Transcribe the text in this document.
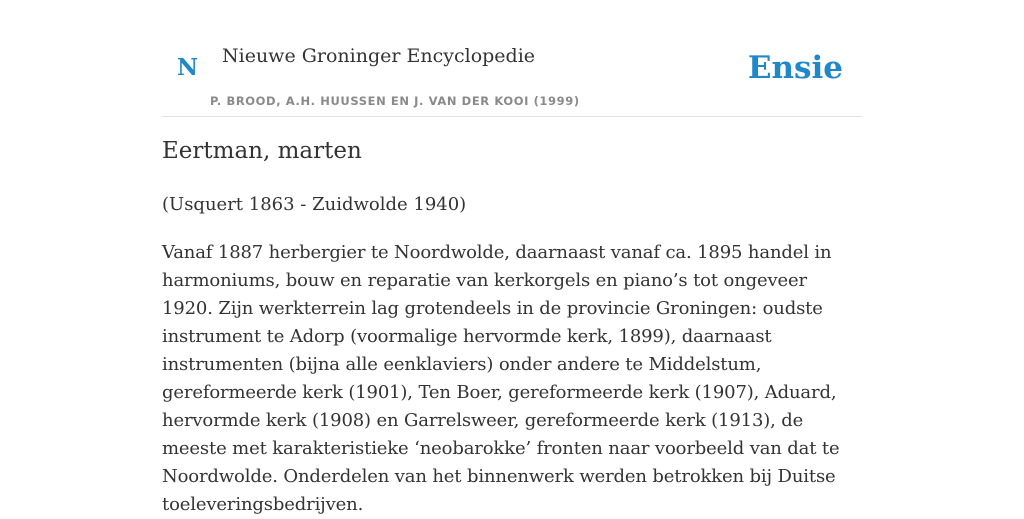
N Nieuwe Groninger Encyclopedie
P. BROOD, A.H. HUUSSEN EN J. VAN DER KOOI (1999)
Ensie
Eertman, marten
(Usquert 1863 - Zuidwolde 1940)

Vanaf 1887 herbergier te Noordwolde, daarnaast vanaf ca. 1895 handel in harmoniums, bouw en reparatie van kerkorgels en piano’s tot ongeveer 1920. Zijn werkterrein lag grotendeels in de provincie Groningen: oudste instrument te Adorp (voormalige hervormde kerk, 1899), daarnaast instrumenten (bijna alle eenklaviers) onder andere te Middelstum, gereformeerde kerk (1901), Ten Boer, gereformeerde kerk (1907), Aduard, hervormde kerk (1908) en Garrelsweer, gereformeerde kerk (1913), de meeste met karakteristieke ‘neobarokke’ fronten naar voorbeeld van dat te Noordwolde. Onderdelen van het binnenwerk werden betrokken bij Duitse toeleveringsbedrijven.
